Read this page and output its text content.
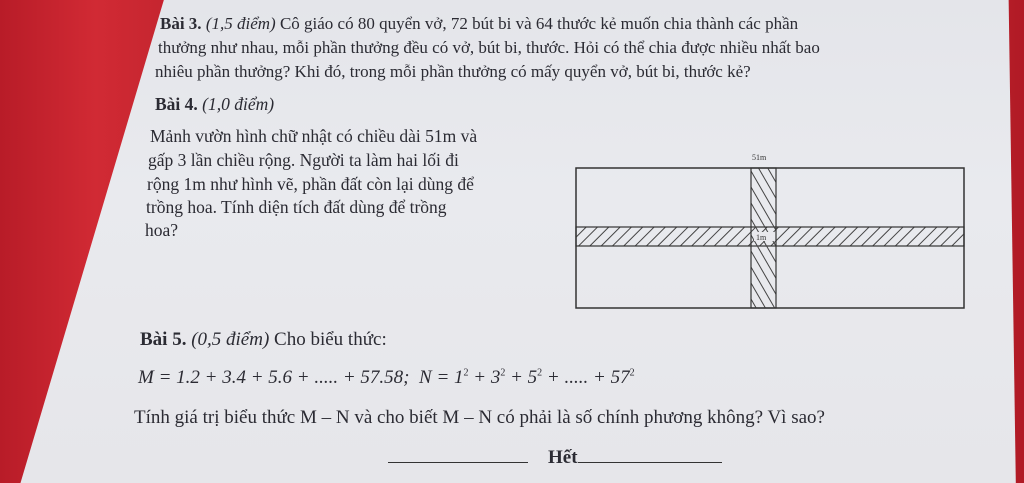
Bài 3. (1,5 điểm) Cô giáo có 80 quyển vở, 72 bút bi và 64 thước kẻ muốn chia thành các phần
thưởng như nhau, mỗi phần thưởng đều có vở, bút bi, thước. Hỏi có thể chia được nhiều nhất bao
nhiêu phần thưởng? Khi đó, trong mỗi phần thưởng có mấy quyển vở, bút bi, thước kẻ?
Bài 4. (1,0 điểm)
Mảnh vườn hình chữ nhật có chiều dài 51m và
gấp 3 lần chiều rộng. Người ta làm hai lối đi
rộng 1m như hình vẽ, phần đất còn lại dùng để
trồng hoa. Tính diện tích đất dùng để trồng
hoa?
51m
1m
Bài 5. (0,5 điểm) Cho biểu thức:
M = 1.2 + 3.4 + 5.6 + ..... + 57.58; $N = 1^2 + 3^2 + 5^2$ + ..... + $57^2$
Tính giá trị biểu thức M – N và cho biết M – N có phải là số chính phương không? Vì sao?
Hết
